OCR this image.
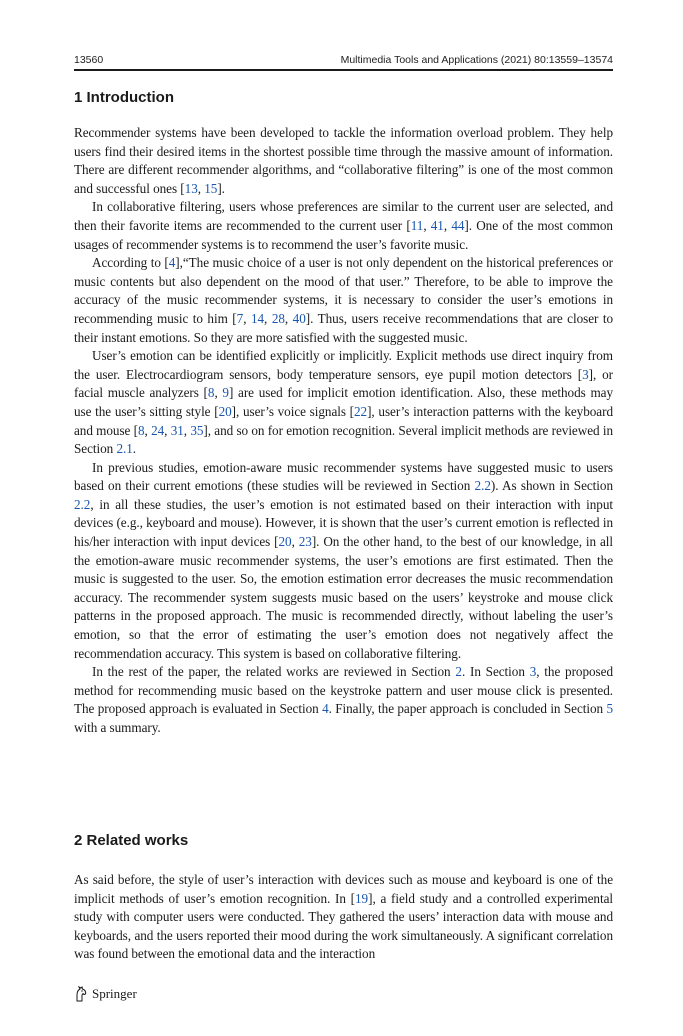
13560	Multimedia Tools and Applications (2021) 80:13559–13574
1 Introduction

Recommender systems have been developed to tackle the information overload problem. They help users find their desired items in the shortest possible time through the massive amount of information. There are different recommender algorithms, and “collaborative filtering” is one of the most common and successful ones [13, 15].

In collaborative filtering, users whose preferences are similar to the current user are selected, and then their favorite items are recommended to the current user [11, 41, 44]. One of the most common usages of recommender systems is to recommend the user’s favorite music.

According to [4],“The music choice of a user is not only dependent on the historical preferences or music contents but also dependent on the mood of that user.” Therefore, to be able to improve the accuracy of the music recommender systems, it is necessary to consider the user’s emotions in recommending music to him [7, 14, 28, 40]. Thus, users receive recommendations that are closer to their instant emotions. So they are more satisfied with the suggested music.

User’s emotion can be identified explicitly or implicitly. Explicit methods use direct inquiry from the user. Electrocardiogram sensors, body temperature sensors, eye pupil motion detectors [3], or facial muscle analyzers [8, 9] are used for implicit emotion identification. Also, these methods may use the user’s sitting style [20], user’s voice signals [22], user’s interaction patterns with the keyboard and mouse [8, 24, 31, 35], and so on for emotion recognition. Several implicit methods are reviewed in Section 2.1.

In previous studies, emotion-aware music recommender systems have suggested music to users based on their current emotions (these studies will be reviewed in Section 2.2). As shown in Section 2.2, in all these studies, the user’s emotion is not estimated based on their interaction with input devices (e.g., keyboard and mouse). However, it is shown that the user’s current emotion is reflected in his/her interaction with input devices [20, 23]. On the other hand, to the best of our knowledge, in all the emotion-aware music recommender systems, the user’s emotions are first estimated. Then the music is suggested to the user. So, the emotion estimation error decreases the music recommendation accuracy. The recommender system suggests music based on the users’ keystroke and mouse click patterns in the proposed approach. The music is recommended directly, without labeling the user’s emotion, so that the error of estimating the user’s emotion does not negatively affect the recommendation accuracy. This system is based on collaborative filtering.

In the rest of the paper, the related works are reviewed in Section 2. In Section 3, the proposed method for recommending music based on the keystroke pattern and user mouse click is presented. The proposed approach is evaluated in Section 4. Finally, the paper approach is concluded in Section 5 with a summary.

2 Related works

As said before, the style of user’s interaction with devices such as mouse and keyboard is one of the implicit methods of user’s emotion recognition. In [19], a field study and a controlled experimental study with computer users were conducted. They gathered the users’ interaction data with mouse and keyboards, and the users reported their mood during the work simultaneously. A significant correlation was found between the emotional data and the interaction

Springer
